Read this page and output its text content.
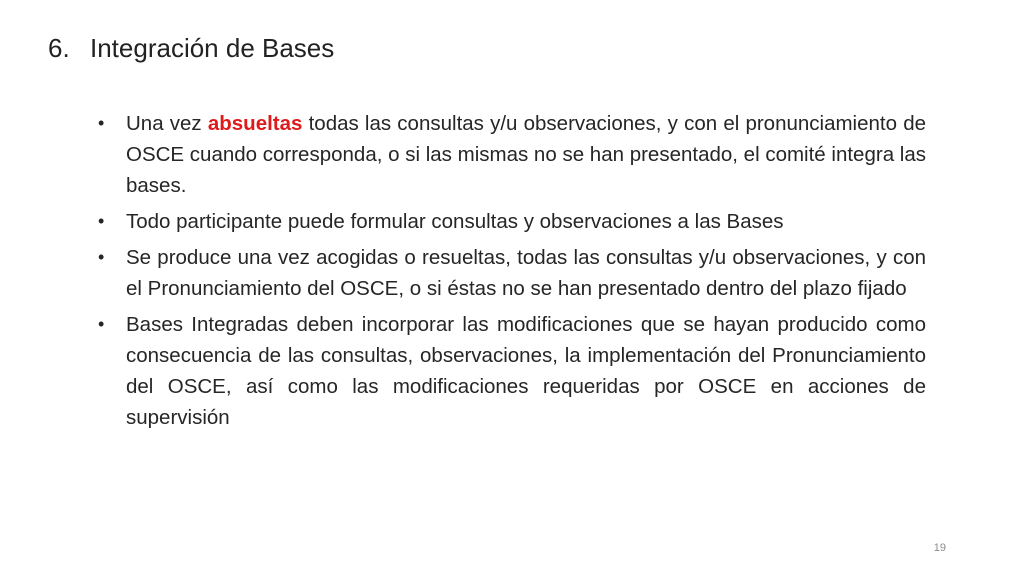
6. Integración de Bases
• Una vez absueltas todas las consultas y/u observaciones, y con el pronunciamiento de OSCE cuando corresponda, o si las mismas no se han presentado, el comité integra las bases.
• Todo participante puede formular consultas y observaciones a las Bases
• Se produce una vez acogidas o resueltas, todas las consultas y/u observaciones, y con el Pronunciamiento del OSCE, o si éstas no se han presentado dentro del plazo fijado
• Bases Integradas deben incorporar las modificaciones que se hayan producido como consecuencia de las consultas, observaciones, la implementación del Pronunciamiento del OSCE, así como las modificaciones requeridas por OSCE en acciones de supervisión
19
